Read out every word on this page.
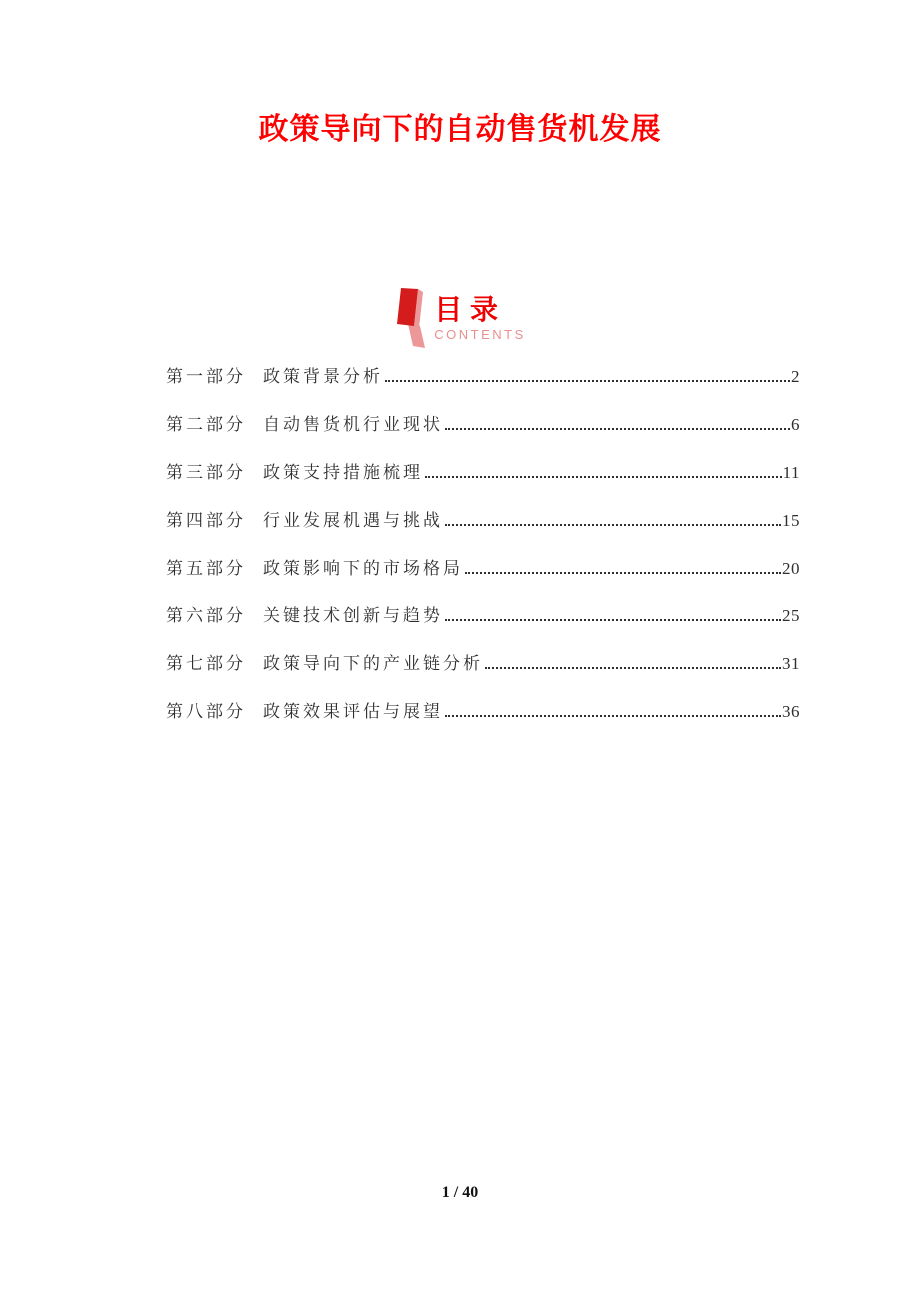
政策导向下的自动售货机发展
目 录
CONTENTS
第一部分 政策背景分析	2
第二部分 自动售货机行业现状	6
第三部分 政策支持措施梳理	11
第四部分 行业发展机遇与挑战	15
第五部分 政策影响下的市场格局	20
第六部分 关键技术创新与趋势	25
第七部分 政策导向下的产业链分析	31
第八部分 政策效果评估与展望	36
1 / 40
